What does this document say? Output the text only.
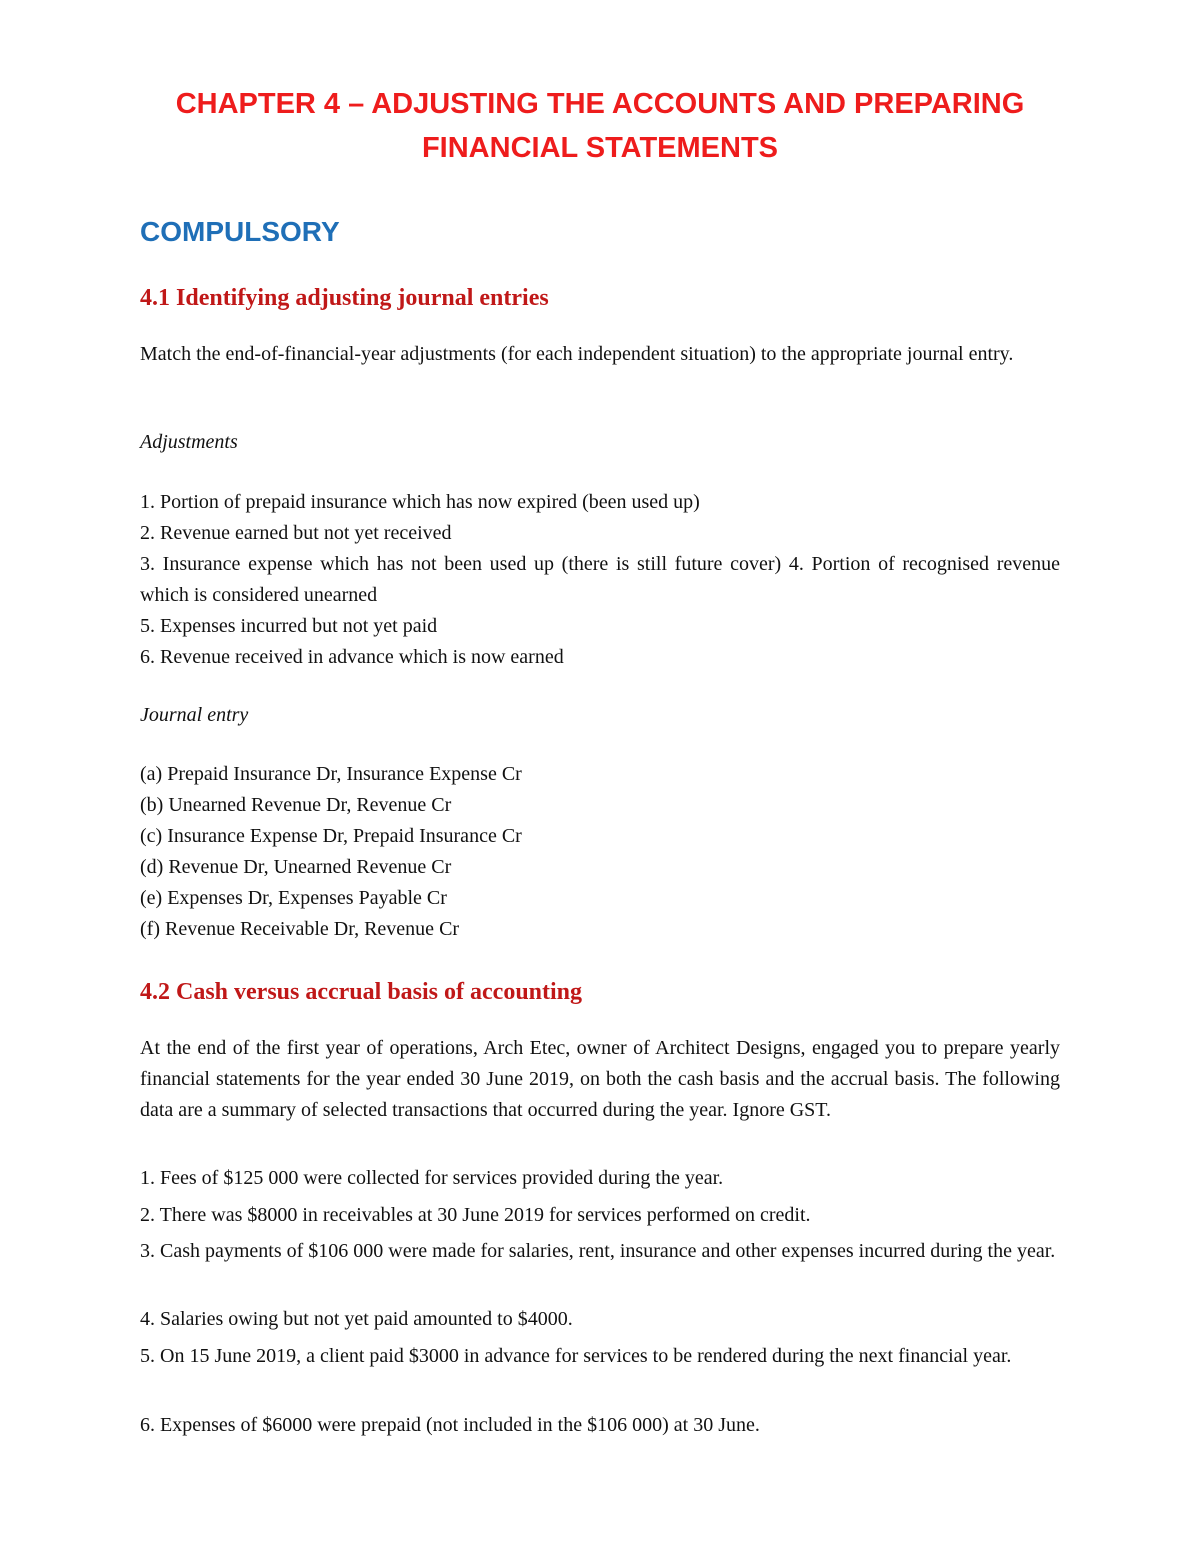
CHAPTER 4 – ADJUSTING THE ACCOUNTS AND PREPARING FINANCIAL STATEMENTS
COMPULSORY
4.1 Identifying adjusting journal entries

Match the end-of-financial-year adjustments (for each independent situation) to the appropriate journal entry.

Adjustments

1. Portion of prepaid insurance which has now expired (been used up)

2. Revenue earned but not yet received

3. Insurance expense which has not been used up (there is still future cover) 4. Portion of recognised revenue which is considered unearned

5. Expenses incurred but not yet paid

6. Revenue received in advance which is now earned

Journal entry

(a) Prepaid Insurance Dr, Insurance Expense Cr

(b) Unearned Revenue Dr, Revenue Cr

(c) Insurance Expense Dr, Prepaid Insurance Cr

(d) Revenue Dr, Unearned Revenue Cr

(e) Expenses Dr, Expenses Payable Cr

(f) Revenue Receivable Dr, Revenue Cr

4.2 Cash versus accrual basis of accounting

At the end of the first year of operations, Arch Etec, owner of Architect Designs, engaged you to prepare yearly financial statements for the year ended 30 June 2019, on both the cash basis and the accrual basis. The following data are a summary of selected transactions that occurred during the year. Ignore GST.

1. Fees of $125 000 were collected for services provided during the year.

2. There was $8000 in receivables at 30 June 2019 for services performed on credit.

3. Cash payments of $106 000 were made for salaries, rent, insurance and other expenses incurred during the year.

4. Salaries owing but not yet paid amounted to $4000.

5. On 15 June 2019, a client paid $3000 in advance for services to be rendered during the next financial year.

6. Expenses of $6000 were prepaid (not included in the $106 000) at 30 June.
